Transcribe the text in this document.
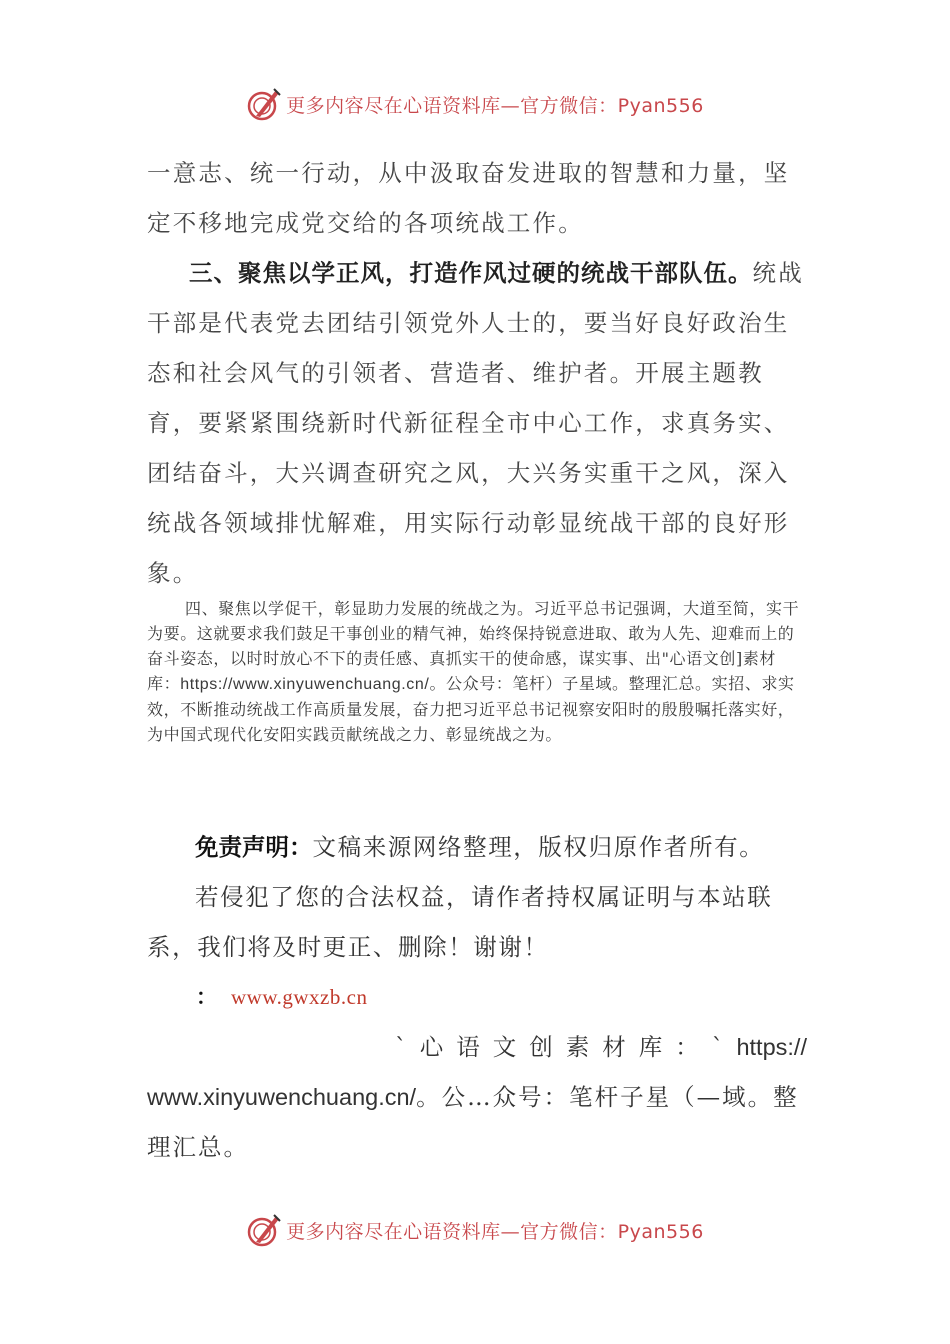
更多内容尽在心语资料库—官方微信：Pyan556

一意志、统一行动，从中汲取奋发进取的智慧和力量，坚定不移地完成党交给的各项统战工作。

三、聚焦以学正风，打造作风过硬的统战干部队伍。统战干部是代表党去团结引领党外人士的，要当好良好政治生态和社会风气的引领者、营造者、维护者。开展主题教育，要紧紧围绕新时代新征程全市中心工作，求真务实、团结奋斗，大兴调查研究之风，大兴务实重干之风，深入统战各领域排忧解难，用实际行动彰显统战干部的良好形象。

四、聚焦以学促干，彰显助力发展的统战之为。习近平总书记强调，大道至简，实干为要。这就要求我们鼓足干事创业的精气神，始终保持锐意进取、敢为人先、迎难而上的奋斗姿态，以时时放心不下的责任感、真抓实干的使命感，谋实事、出"心语文创]素材库：https://www.xinyuwenchuang.cn/。公众号：笔杆）子星域。整理汇总。实招、求实效，不断推动统战工作高质量发展，奋力把习近平总书记视察安阳时的殷殷嘱托落实好，为中国式现代化安阳实践贡献统战之力、彰显统战之为。

免责声明：文稿来源网络整理，版权归原作者所有。

若侵犯了您的合法权益，请作者持权属证明与本站联系，我们将及时更正、删除！谢谢！

： www.gwxzb.cn
`心语文创素材库：`https://
www.xinyuwenchuang.cn/。公…众号：笔杆子星（—域。整理汇总。
更多内容尽在心语资料库—官方微信：Pyan556
